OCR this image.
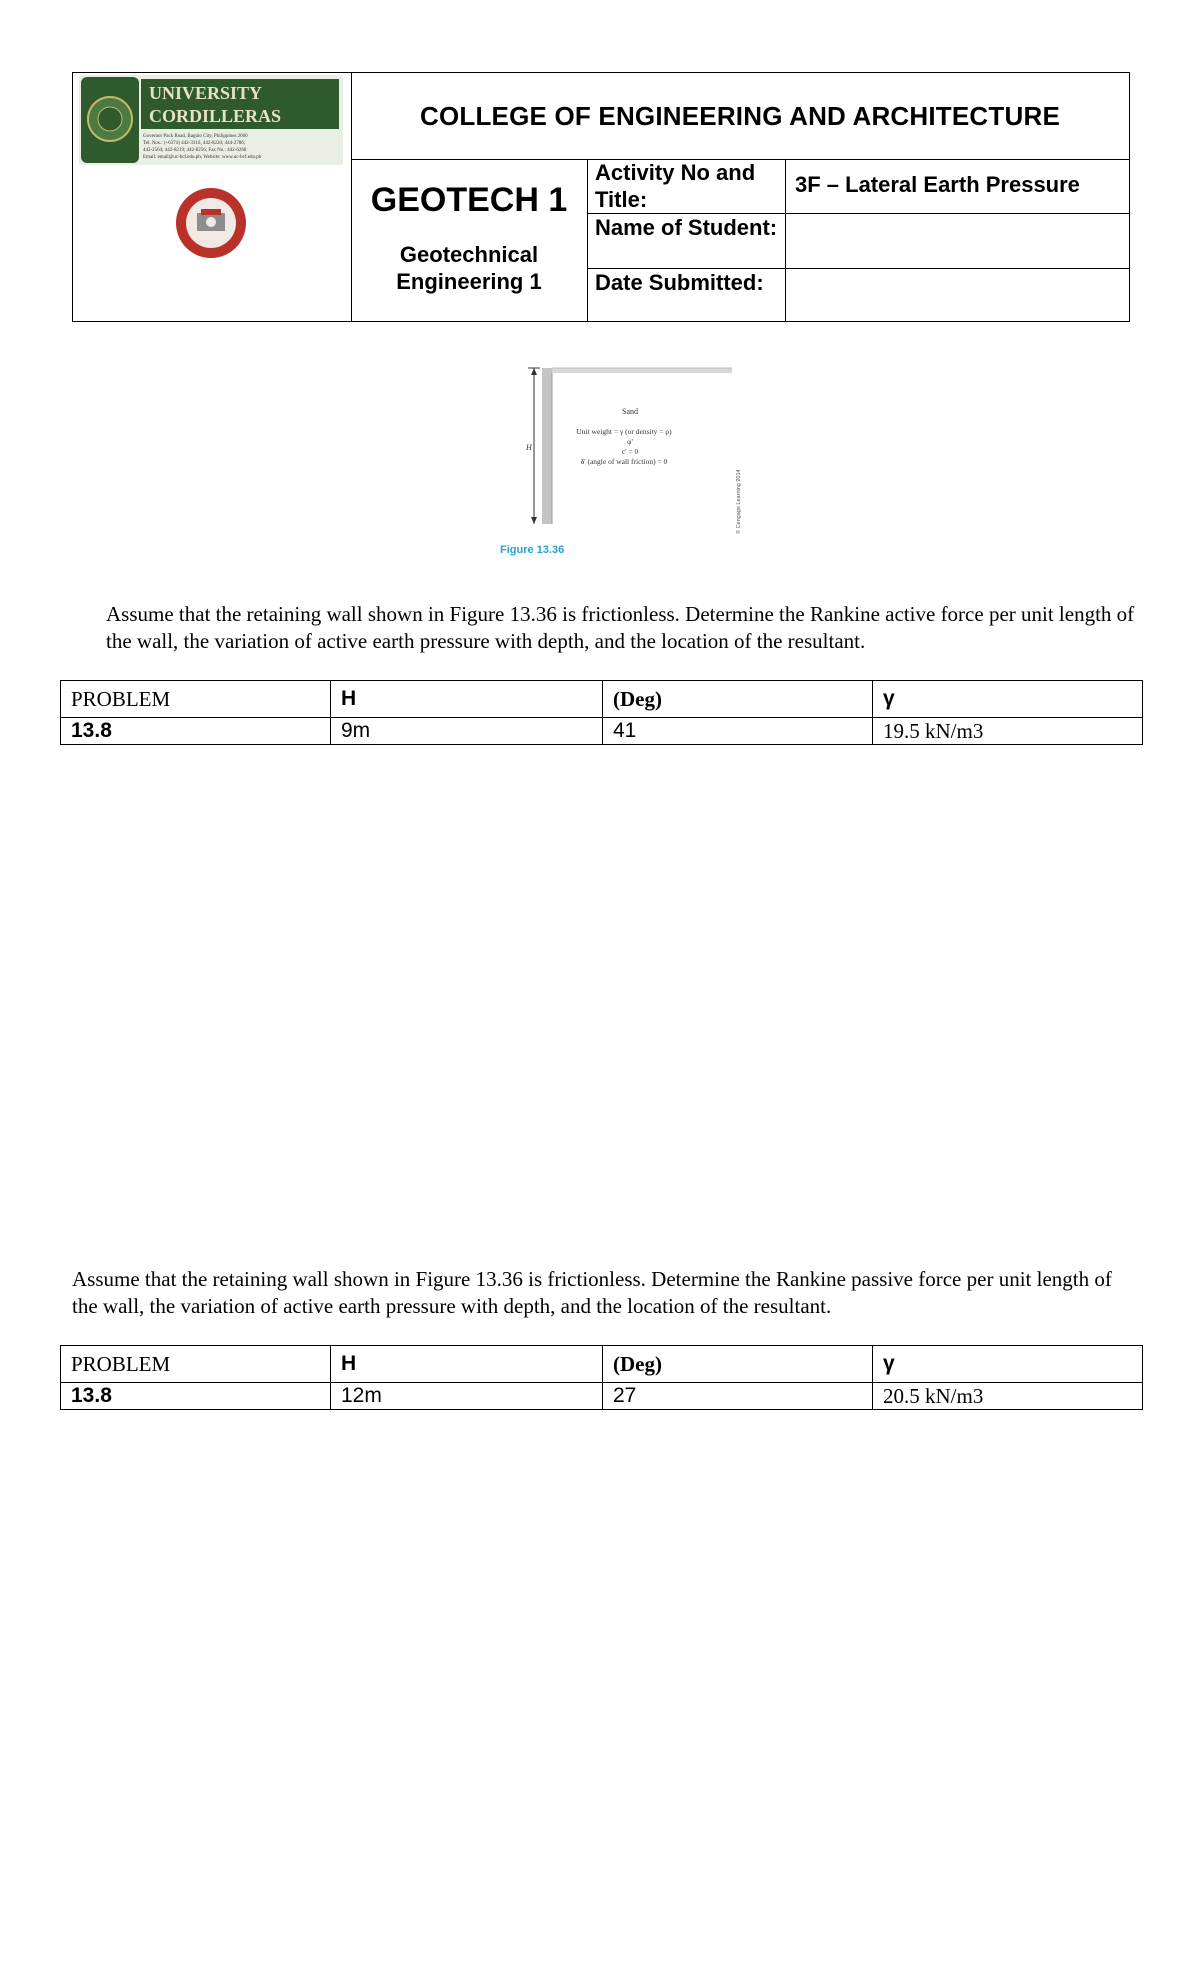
UNIVERSITY
CORDILLERAS
Governor Pack Road, Baguio City, Philippines 2600
Tel. Nos.: (+6374) 442-3316, 442-8220; 444-2786;
442-2564; 442-8219; 442-8256; Fax No.: 442-6268
Email: email@uc-bcf.edu.ph; Website: www.uc-bcf.edu.ph
COLLEGE OF ENGINEERING AND ARCHITECTURE
GEOTECH 1
Geotechnical Engineering 1
Activity No and Title:
3F – Lateral Earth Pressure
Name of Student:
Date Submitted:
H
Sand
Unit weight = γ (or density = ρ)
φ'
c' = 0
δ' (angle of wall friction) = 0
© Cengage Learning 2014
Figure 13.36
Assume that the retaining wall shown in Figure 13.36 is frictionless. Determine the Rankine active force per unit length of the wall, the variation of active earth pressure with depth, and the location of the resultant.
PROBLEM	H	(Deg)	γ
13.8	9m	41	19.5 kN/m3
Assume that the retaining wall shown in Figure 13.36 is frictionless. Determine the Rankine passive force per unit length of the wall, the variation of active earth pressure with depth, and the location of the resultant.
PROBLEM	H	(Deg)	γ
13.8	12m	27	20.5 kN/m3
